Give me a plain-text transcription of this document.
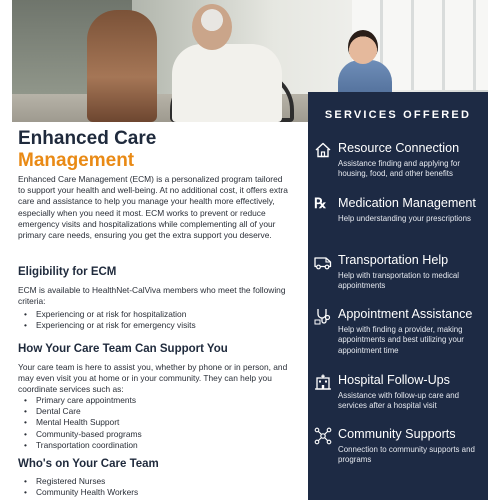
Enhanced Care
Management

Enhanced Care Management (ECM) is a personalized program tailored to support your health and well-being. At no additional cost, it offers extra care and assistance to help you manage your health more effectively, especially when you need it most. ECM works to prevent or reduce emergency visits and hospitalizations while complementing all of your primary care needs, ensuring you get the extra support you deserve.

Eligibility for ECM

ECM is available to HealthNet-CalViva members who meet the following criteria:

• Experiencing or at risk for hospitalization
• Experiencing or at risk for emergency visits
How Your Care Team Can Support You

Your care team is here to assist you, whether by phone or in person, and may even visit you at home or in your community. They can help you coordinate services such as:

• Primary care appointments
• Dental Care
• Mental Health Support
• Community-based programs
• Transportation coordination
Who's on Your Care Team
• Registered Nurses
• Community Health Workers
SERVICES OFFERED
Resource Connection
Assistance finding and applying for housing, food, and other benefits
℞ Medication Management
Help understanding your prescriptions
Transportation Help
Help with transportation to medical appointments
Appointment Assistance
Help with finding a provider, making appointments and best utilizing your appointment time
Hospital Follow-Ups
Assistance with follow-up care and services after a hospital visit
Community Supports
Connection to community supports and programs
